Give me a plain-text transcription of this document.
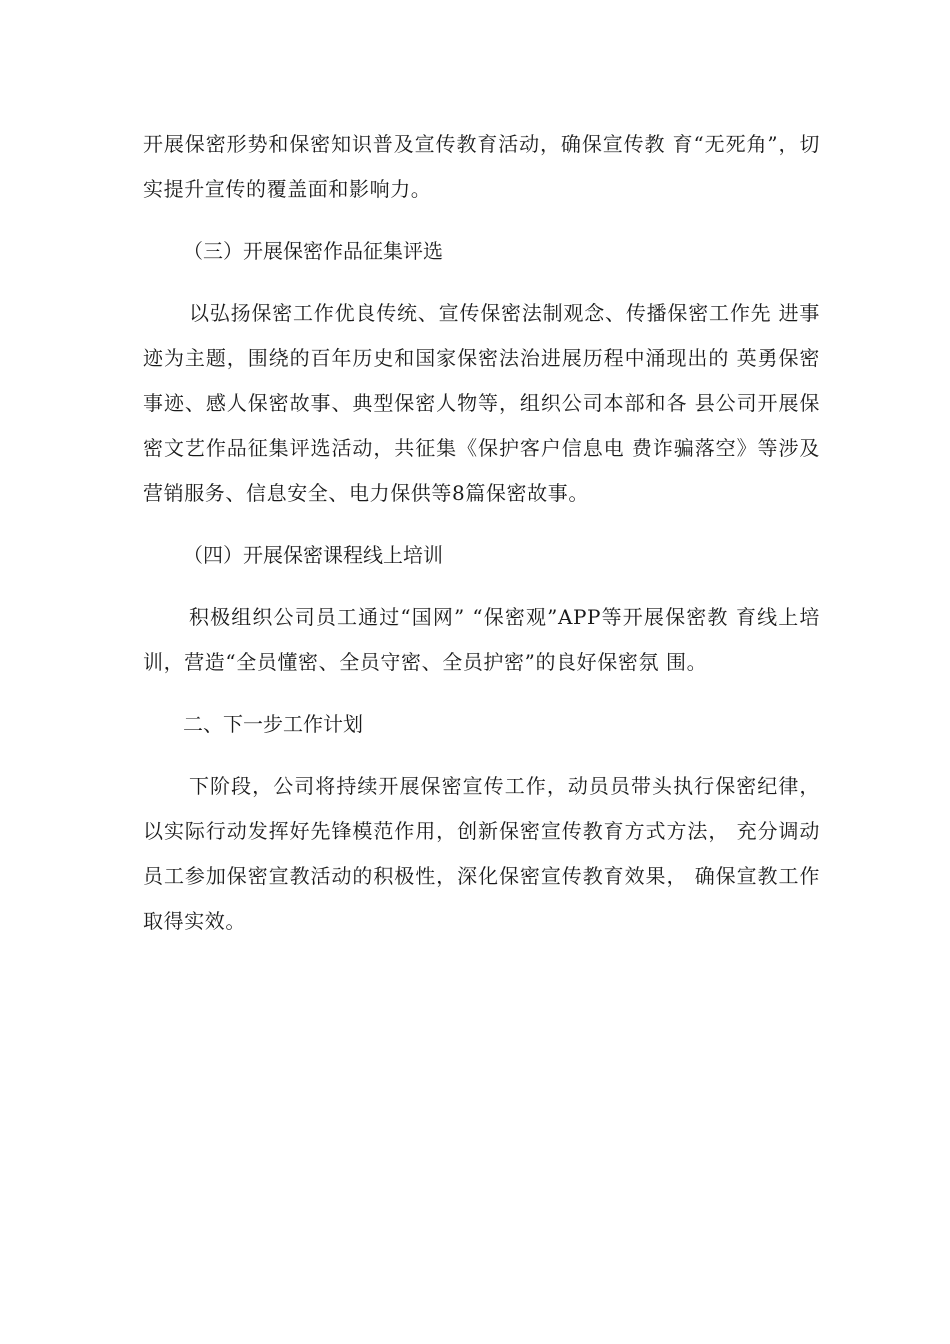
开展保密形势和保密知识普及宣传教育活动，确保宣传教 育“无死角”，切实提升宣传的覆盖面和影响力。

（三）开展保密作品征集评选

以弘扬保密工作优良传统、宣传保密法制观念、传播保密工作先 进事迹为主题，围绕的百年历史和国家保密法治进展历程中涌现出的 英勇保密事迹、感人保密故事、典型保密人物等，组织公司本部和各 县公司开展保密文艺作品征集评选活动，共征集《保护客户信息电 费诈骗落空》等涉及营销服务、信息安全、电力保供等8篇保密故事。

（四）开展保密课程线上培训

积极组织公司员工通过“国网” “保密观”APP等开展保密教 育线上培训，营造“全员懂密、全员守密、全员护密”的良好保密氛 围。

二、下一步工作计划

下阶段，公司将持续开展保密宣传工作，动员员带头执行保密纪律，以实际行动发挥好先锋模范作用，创新保密宣传教育方式方法， 充分调动员工参加保密宣教活动的积极性，深化保密宣传教育效果， 确保宣教工作取得实效。
